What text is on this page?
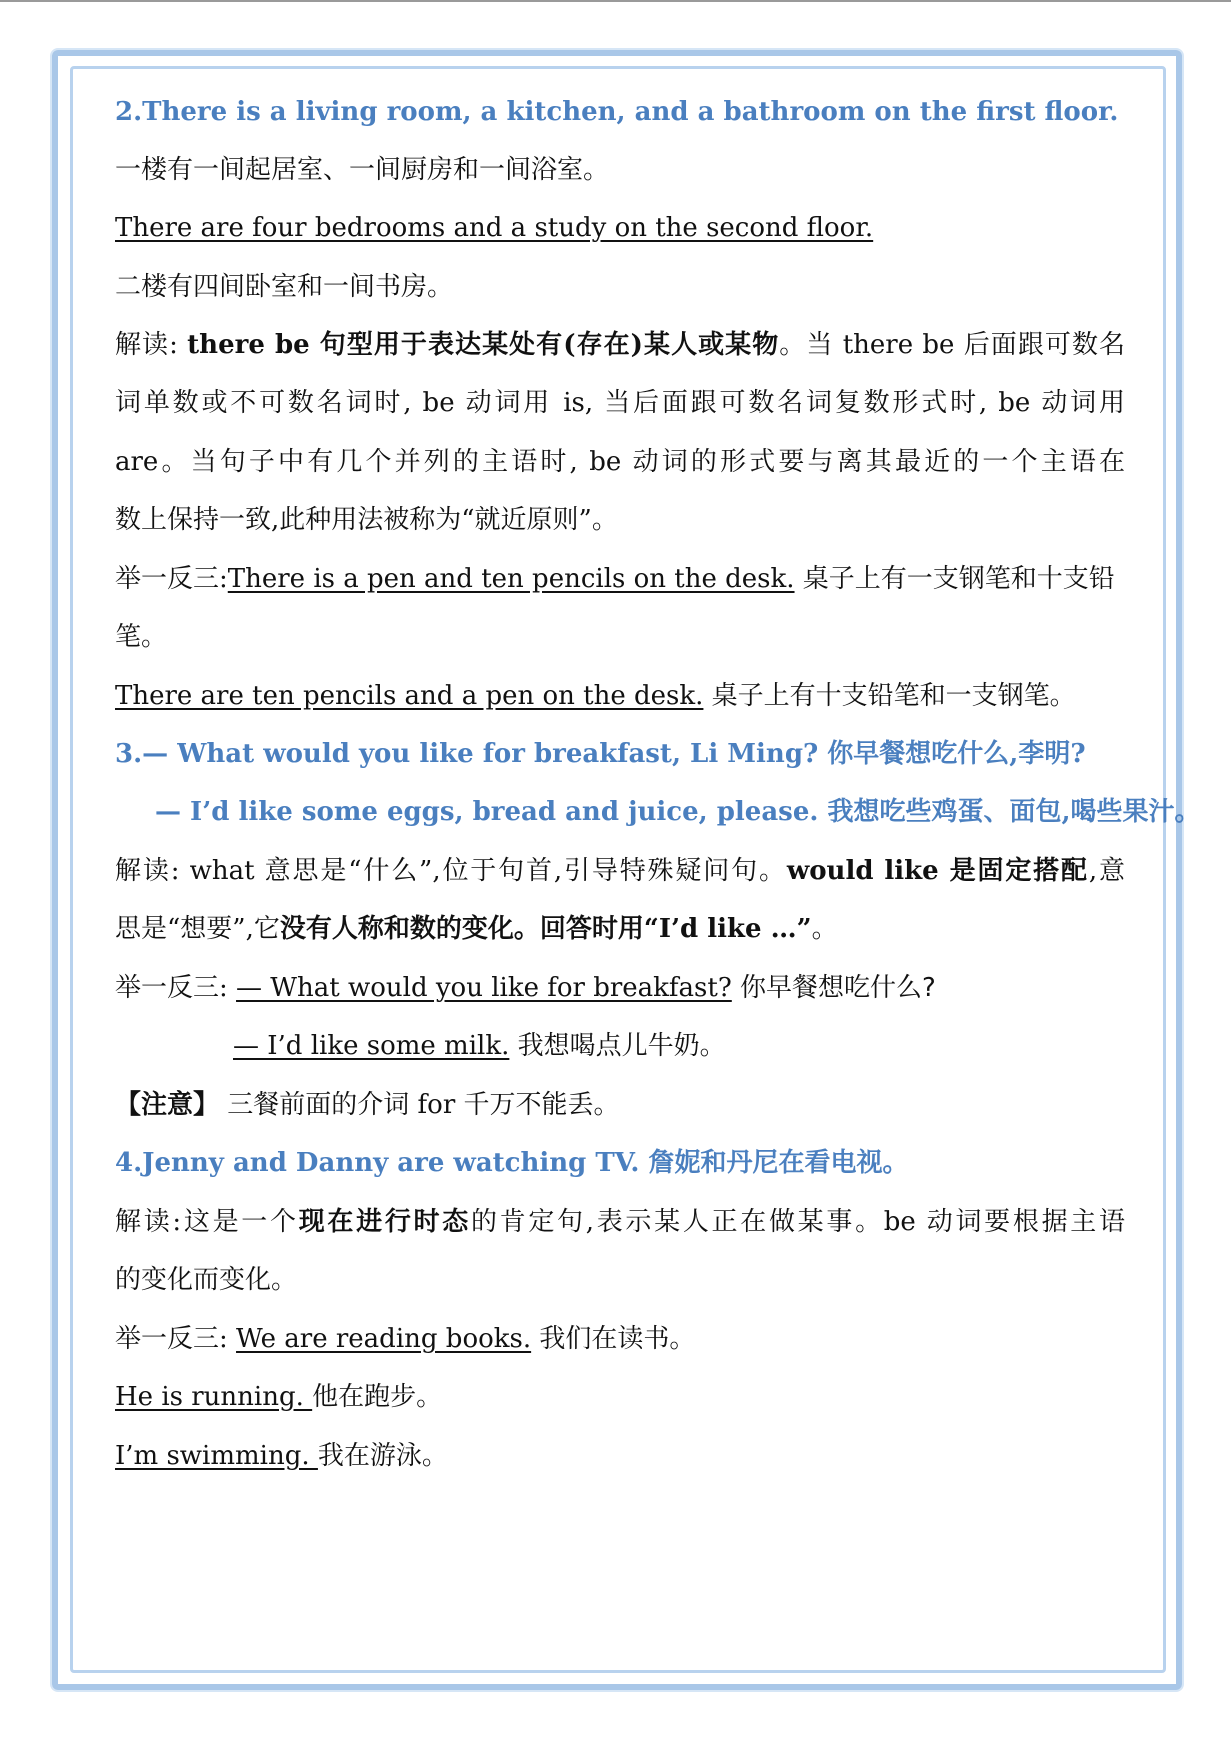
2.There is a living room, a kitchen, and a bathroom on the first floor.
一楼有一间起居室、一间厨房和一间浴室。
There are four bedrooms and a study on the second floor.
二楼有四间卧室和一间书房。
解读: there be 句型用于表达某处有(存在)某人或某物。当 there be 后面跟可数名
词单数或不可数名词时, be 动词用 is, 当后面跟可数名词复数形式时, be 动词用
are。当句子中有几个并列的主语时, be 动词的形式要与离其最近的一个主语在
数上保持一致,此种用法被称为“就近原则”。
举一反三:There is a pen and ten pencils on the desk. 桌子上有一支钢笔和十支铅
笔。
There are ten pencils and a pen on the desk. 桌子上有十支铅笔和一支钢笔。
3.— What would you like for breakfast, Li Ming? 你早餐想吃什么,李明?
— I’d like some eggs, bread and juice, please. 我想吃些鸡蛋、面包,喝些果汁。
解读: what 意思是“什么”,位于句首,引导特殊疑问句。would like 是固定搭配,意
思是“想要”,它没有人称和数的变化。回答时用“I’d like …”。
举一反三: — What would you like for breakfast? 你早餐想吃什么?
— I’d like some milk. 我想喝点儿牛奶。
【注意】 三餐前面的介词 for 千万不能丢。
4.Jenny and Danny are watching TV. 詹妮和丹尼在看电视。
解读:这是一个现在进行时态的肯定句,表示某人正在做某事。be 动词要根据主语
的变化而变化。
举一反三: We are reading books. 我们在读书。
He is running. 他在跑步。
I’m swimming. 我在游泳。
